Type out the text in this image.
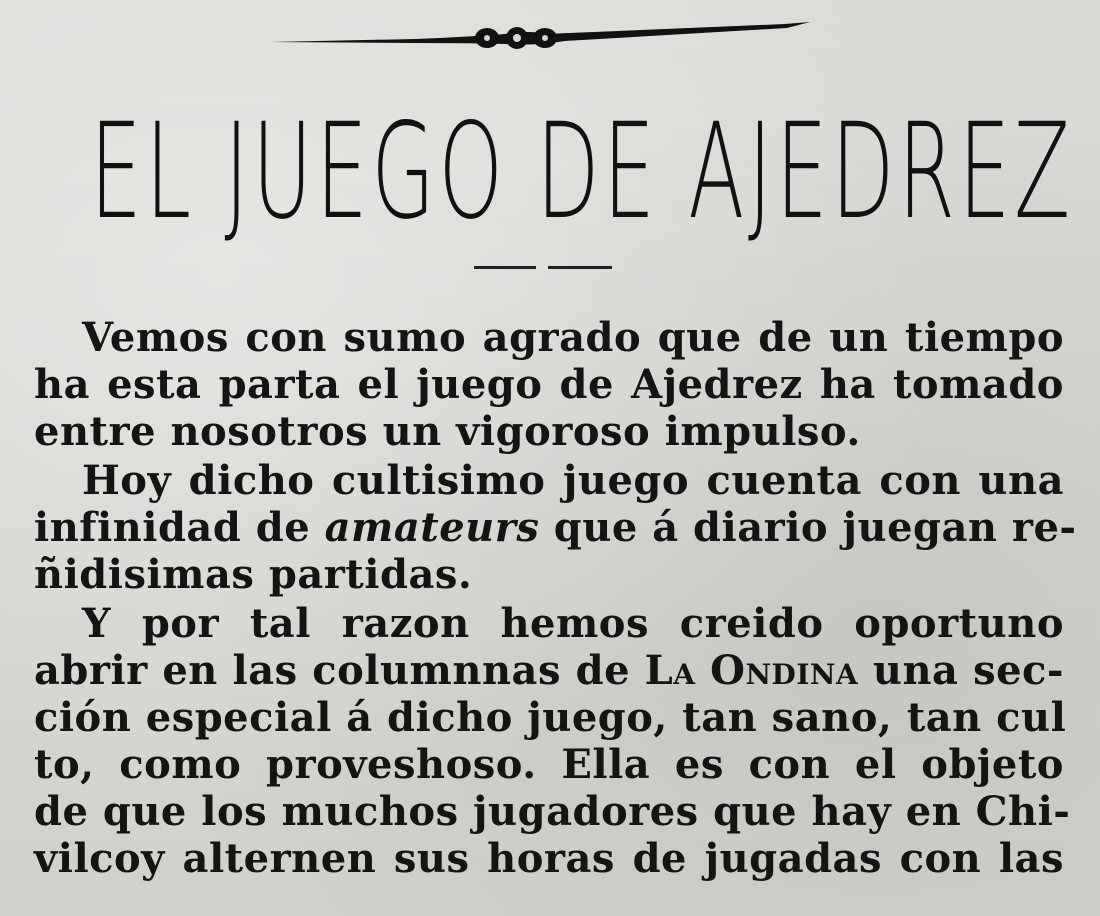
EL JUEGO DE AJEDREZ
Vemos con sumo agrado que de un tiempo
ha esta parta el juego de Ajedrez ha tomado
entre nosotros un vigoroso impulso.
Hoy dicho cultisimo juego cuenta con una
infinidad de amateurs que á diario juegan re-
ñidisimas partidas.
Y por tal razon hemos creido oportuno
abrir en las columnnas de La Ondina una sec-
ción especial á dicho juego, tan sano, tan cul
to, como proveshoso. Ella es con el objeto
de que los muchos jugadores que hay en Chi-
vilcoy alternen sus horas de jugadas con las
